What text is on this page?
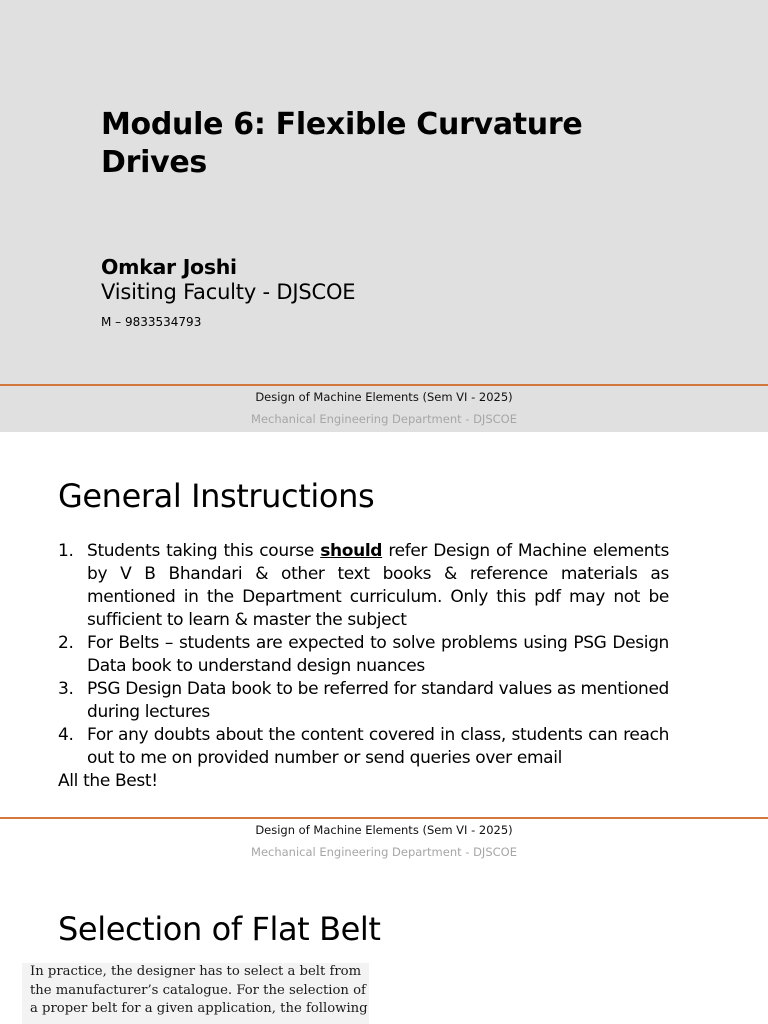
Module 6: Flexible Curvature Drives
Omkar Joshi
Visiting Faculty - DJSCOE
M – 9833534793
Design of Machine Elements (Sem VI - 2025)
Mechanical Engineering Department - DJSCOE
General Instructions
1. Students taking this course should refer Design of Machine elements by V B Bhandari & other text books & reference materials as mentioned in the Department curriculum. Only this pdf may not be sufficient to learn & master the subject
2. For Belts – students are expected to solve problems using PSG Design Data book to understand design nuances
3. PSG Design Data book to be referred for standard values as mentioned during lectures
4. For any doubts about the content covered in class, students can reach out to me on provided number or send queries over email
All the Best!
Design of Machine Elements (Sem VI - 2025)
Mechanical Engineering Department - DJSCOE
Selection of Flat Belt
In practice, the designer has to select a belt from
the manufacturer’s catalogue. For the selection of
a proper belt for a given application, the following
